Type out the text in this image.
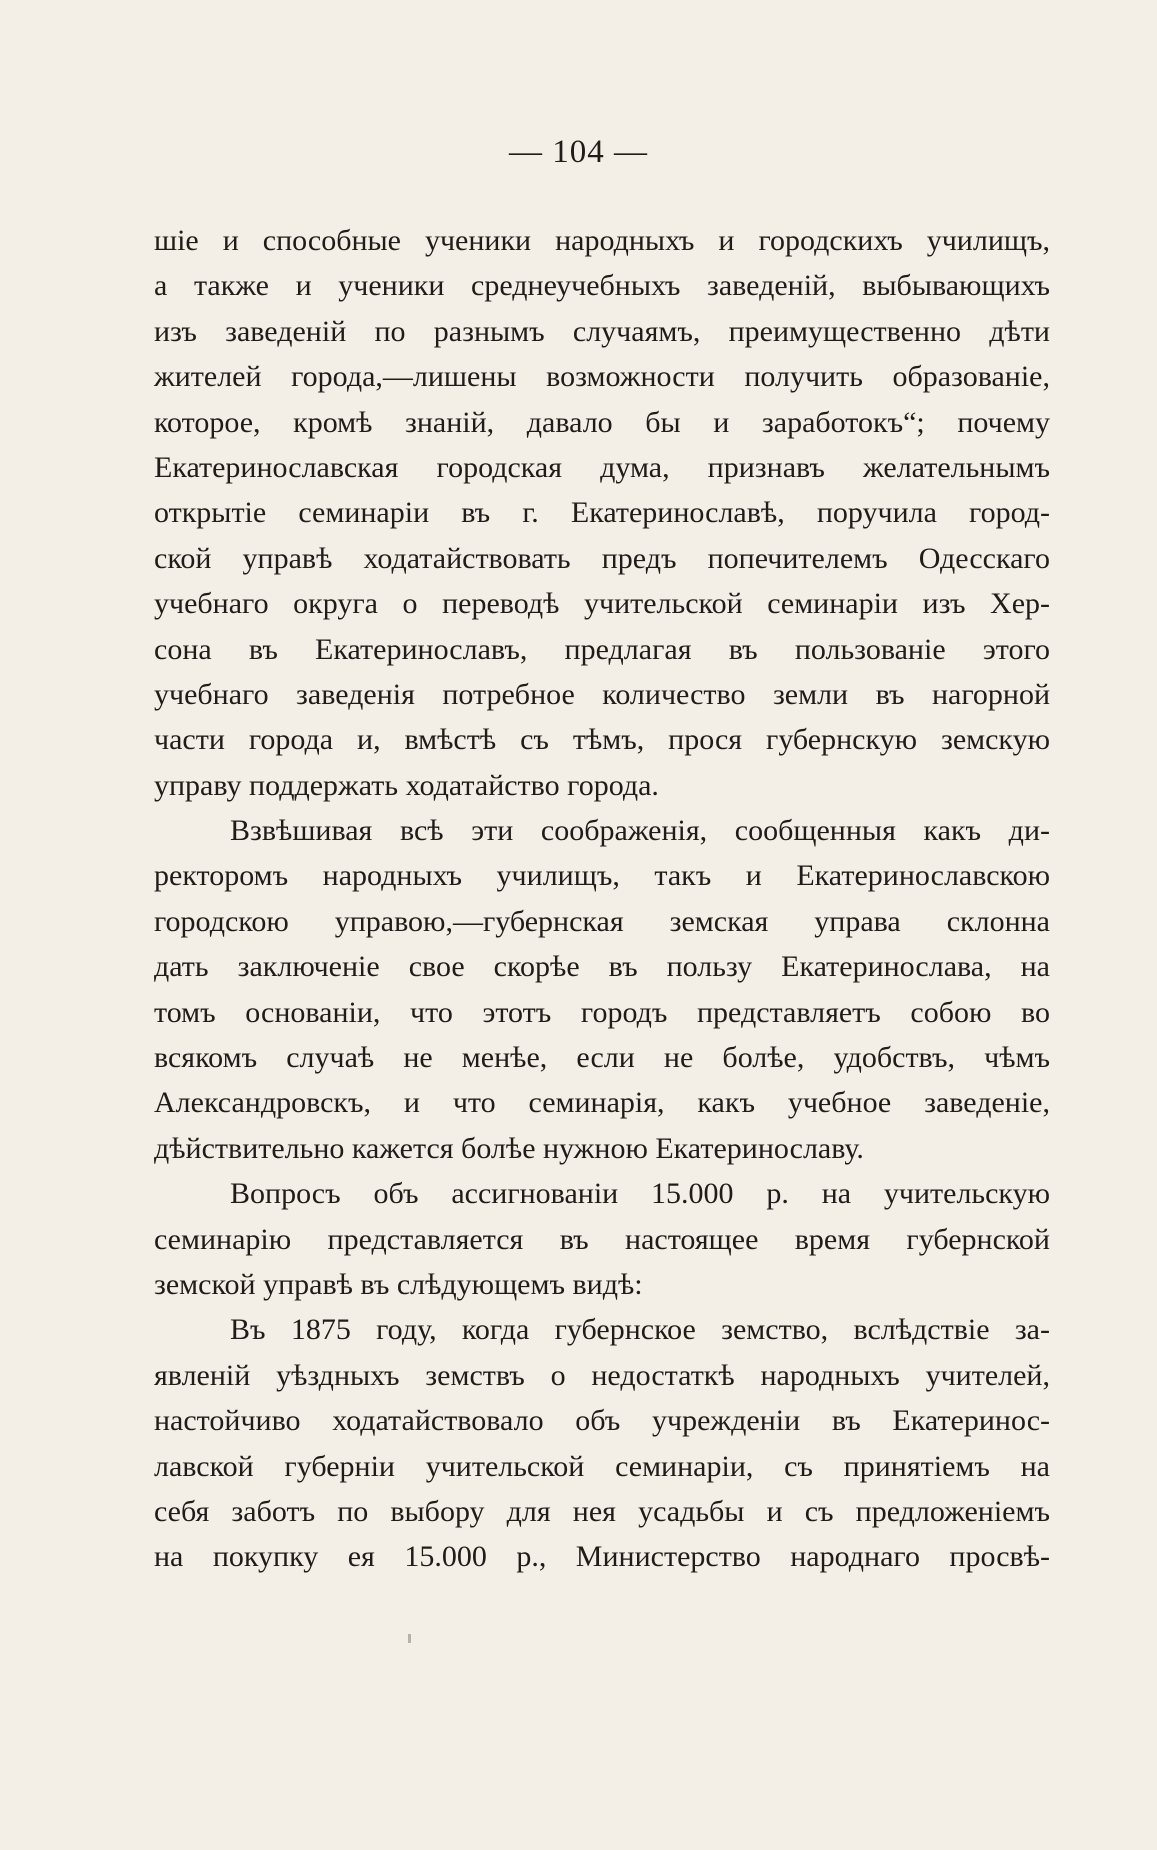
— 104 —
шіе и способные ученики народныхъ и городскихъ училищъ,
а также и ученики среднеучебныхъ заведеній, выбывающихъ
изъ заведеній по разнымъ случаямъ, преимущественно дѣти
жителей города,—лишены возможности получить образованіе,
которое, кромѣ знаній, давало бы и заработокъ“; почему
Екатеринославская городская дума, признавъ желательнымъ
открытіе семинаріи въ г. Екатеринославѣ, поручила город-
ской управѣ ходатайствовать предъ попечителемъ Одесскаго
учебнаго округа о переводѣ учительской семинаріи изъ Хер-
сона въ Екатеринославъ, предлагая въ пользованіе этого
учебнаго заведенія потребное количество земли въ нагорной
части города и, вмѣстѣ съ тѣмъ, прося губернскую земскую
управу поддержать ходатайство города.
Взвѣшивая всѣ эти соображенія, сообщенныя какъ ди-
ректоромъ народныхъ училищъ, такъ и Екатеринославскою
городскою управою,—губернская земская управа склонна
дать заключеніе свое скорѣе въ пользу Екатеринослава, на
томъ основаніи, что этотъ городъ представляетъ собою во
всякомъ случаѣ не менѣе, если не болѣе, удобствъ, чѣмъ
Александровскъ, и что семинарія, какъ учебное заведеніе,
дѣйствительно кажется болѣе нужною Екатеринославу.
Вопросъ объ ассигнованіи 15.000 р. на учительскую
семинарію представляется въ настоящее время губернской
земской управѣ въ слѣдующемъ видѣ:
Въ 1875 году, когда губернское земство, вслѣдствіе за-
явленій уѣздныхъ земствъ о недостаткѣ народныхъ учителей,
настойчиво ходатайствовало объ учрежденіи въ Екатеринос-
лавской губерніи учительской семинаріи, съ принятіемъ на
себя заботъ по выбору для нея усадьбы и съ предложеніемъ
на покупку ея 15.000 р., Министерство народнаго просвѣ-
